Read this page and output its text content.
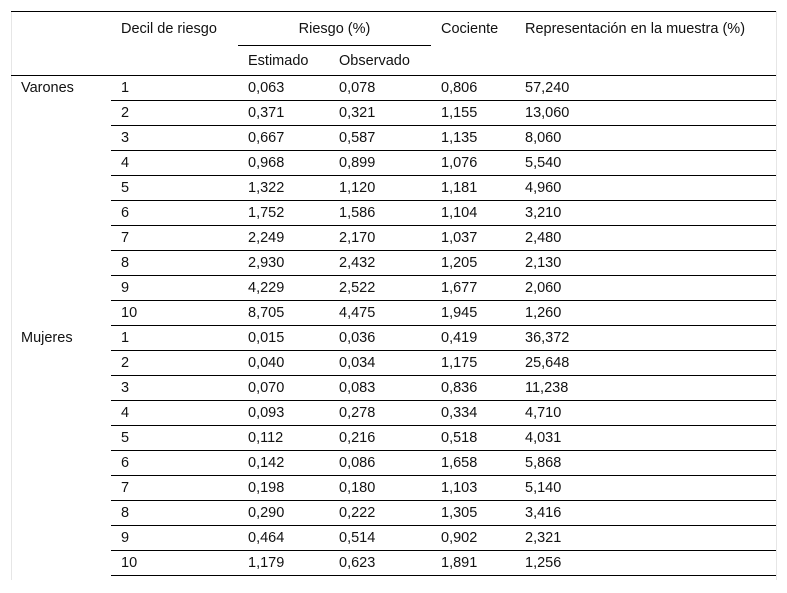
	Decil de riesgo	Riesgo (%)		Cociente	Representación en la muestra (%)
		Estimado	Observado		
Varones	1	0,063	0,078	0,806	57,240
	2	0,371	0,321	1,155	13,060
	3	0,667	0,587	1,135	8,060
	4	0,968	0,899	1,076	5,540
	5	1,322	1,120	1,181	4,960
	6	1,752	1,586	1,104	3,210
	7	2,249	2,170	1,037	2,480
	8	2,930	2,432	1,205	2,130
	9	4,229	2,522	1,677	2,060
	10	8,705	4,475	1,945	1,260
Mujeres	1	0,015	0,036	0,419	36,372
	2	0,040	0,034	1,175	25,648
	3	0,070	0,083	0,836	11,238
	4	0,093	0,278	0,334	4,710
	5	0,112	0,216	0,518	4,031
	6	0,142	0,086	1,658	5,868
	7	0,198	0,180	1,103	5,140
	8	0,290	0,222	1,305	3,416
	9	0,464	0,514	0,902	2,321
	10	1,179	0,623	1,891	1,256
